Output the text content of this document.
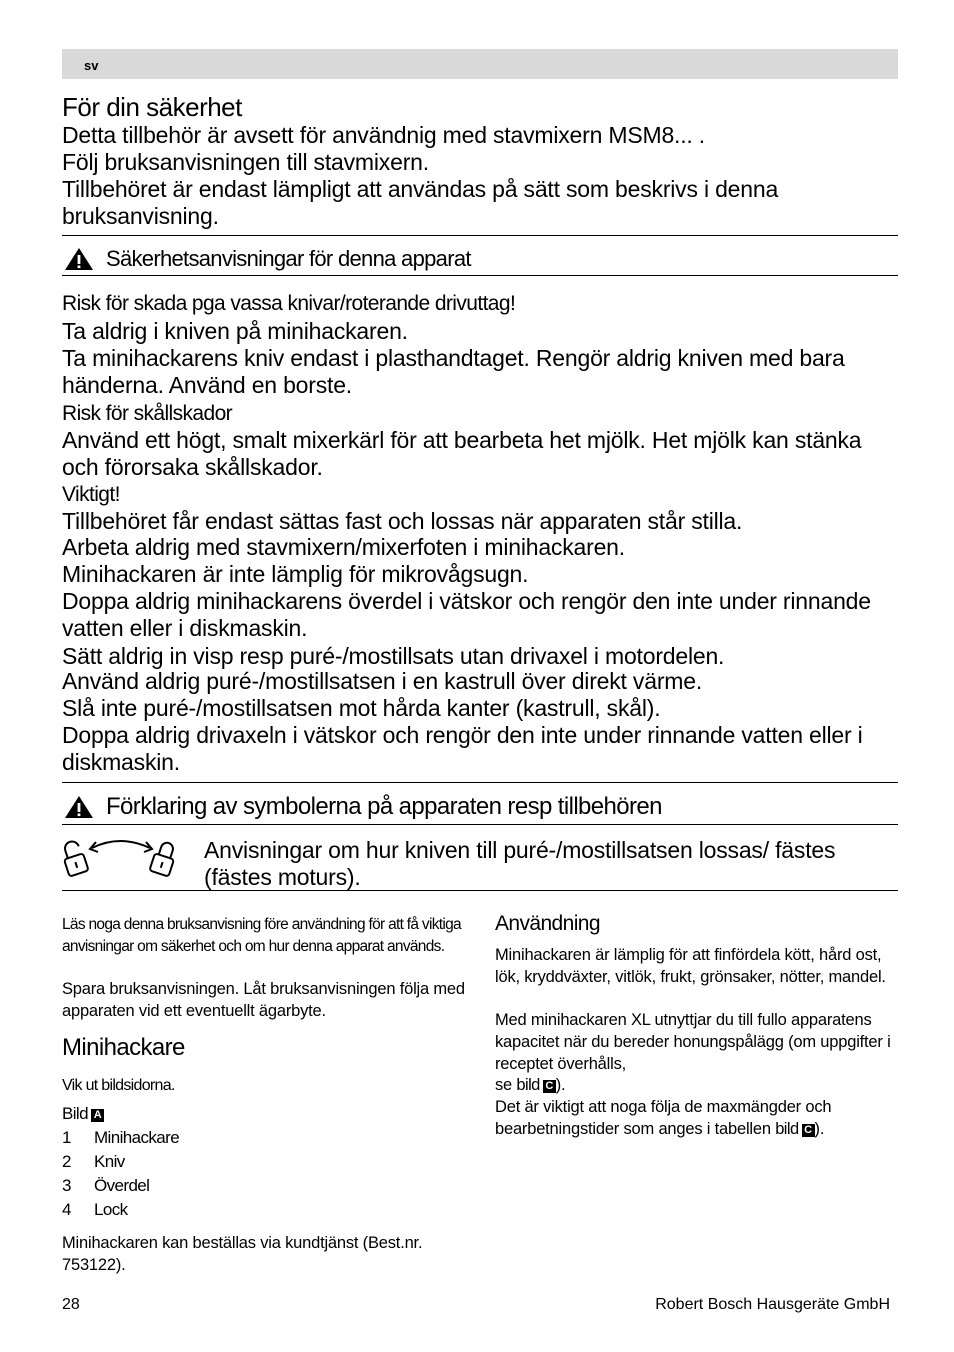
sv
För din säkerhet
Detta tillbehör är avsett för användnig med stavmixern MSM8... .
Följ bruksanvisningen till stavmixern.
Tillbehöret är endast lämpligt att användas på sätt som beskrivs i denna bruksanvisning.
Säkerhetsanvisningar för denna apparat
Risk för skada pga vassa knivar/roterande drivuttag!
Ta aldrig i kniven på minihackaren.
Ta minihackarens kniv endast i plasthandtaget. Rengör aldrig kniven med bara händerna. Använd en borste.
Risk för skållskador
Använd ett högt, smalt mixerkärl för att bearbeta het mjölk. Het mjölk kan stänka och förorsaka skållskador.
Viktigt!
Tillbehöret får endast sättas fast och lossas när apparaten står stilla.
Arbeta aldrig med stavmixern/mixerfoten i minihackaren.
Minihackaren är inte lämplig för mikrovågsugn.
Doppa aldrig minihackarens överdel i vätskor och rengör den inte under rinnande vatten eller i diskmaskin.
Sätt aldrig in visp resp puré-/mostillsats utan drivaxel i motordelen.
Använd aldrig puré-/mostillsatsen i en kastrull över direkt värme.
Slå inte puré-/mostillsatsen mot hårda kanter (kastrull, skål).
Doppa aldrig drivaxeln i vätskor och rengör den inte under rinnande vatten eller i diskmaskin.
Förklaring av symbolerna på apparaten resp tillbehören
Anvisningar om hur kniven till puré-/mostillsatsen lossas/ fästes (fästes moturs).
Läs noga denna bruksanvisning före användning för att få viktiga anvisningar om säkerhet och om hur denna apparat används.
Spara bruksanvisningen. Låt bruksanvisningen följa med apparaten vid ett eventuellt ägarbyte.
Minihackare
Vik ut bildsidorna.
Bild A
1	Minihackare
2	Kniv
3	Överdel
4	Lock
Minihackaren kan beställas via kundtjänst (Best.nr. 753122).
Användning
Minihackaren är lämplig för att finfördela kött, hård ost, lök, kryddväxter, vitlök, frukt, grönsaker, nötter, mandel.
Med minihackaren XL utnyttjar du till fullo apparatens kapacitet när du bereder honungspålägg (om uppgifter i receptet överhålls,
se bild C ).
Det är viktigt att noga följa de maxmängder och bearbetningstider som anges i tabellen bild C ).
28	Robert Bosch Hausgeräte GmbH
